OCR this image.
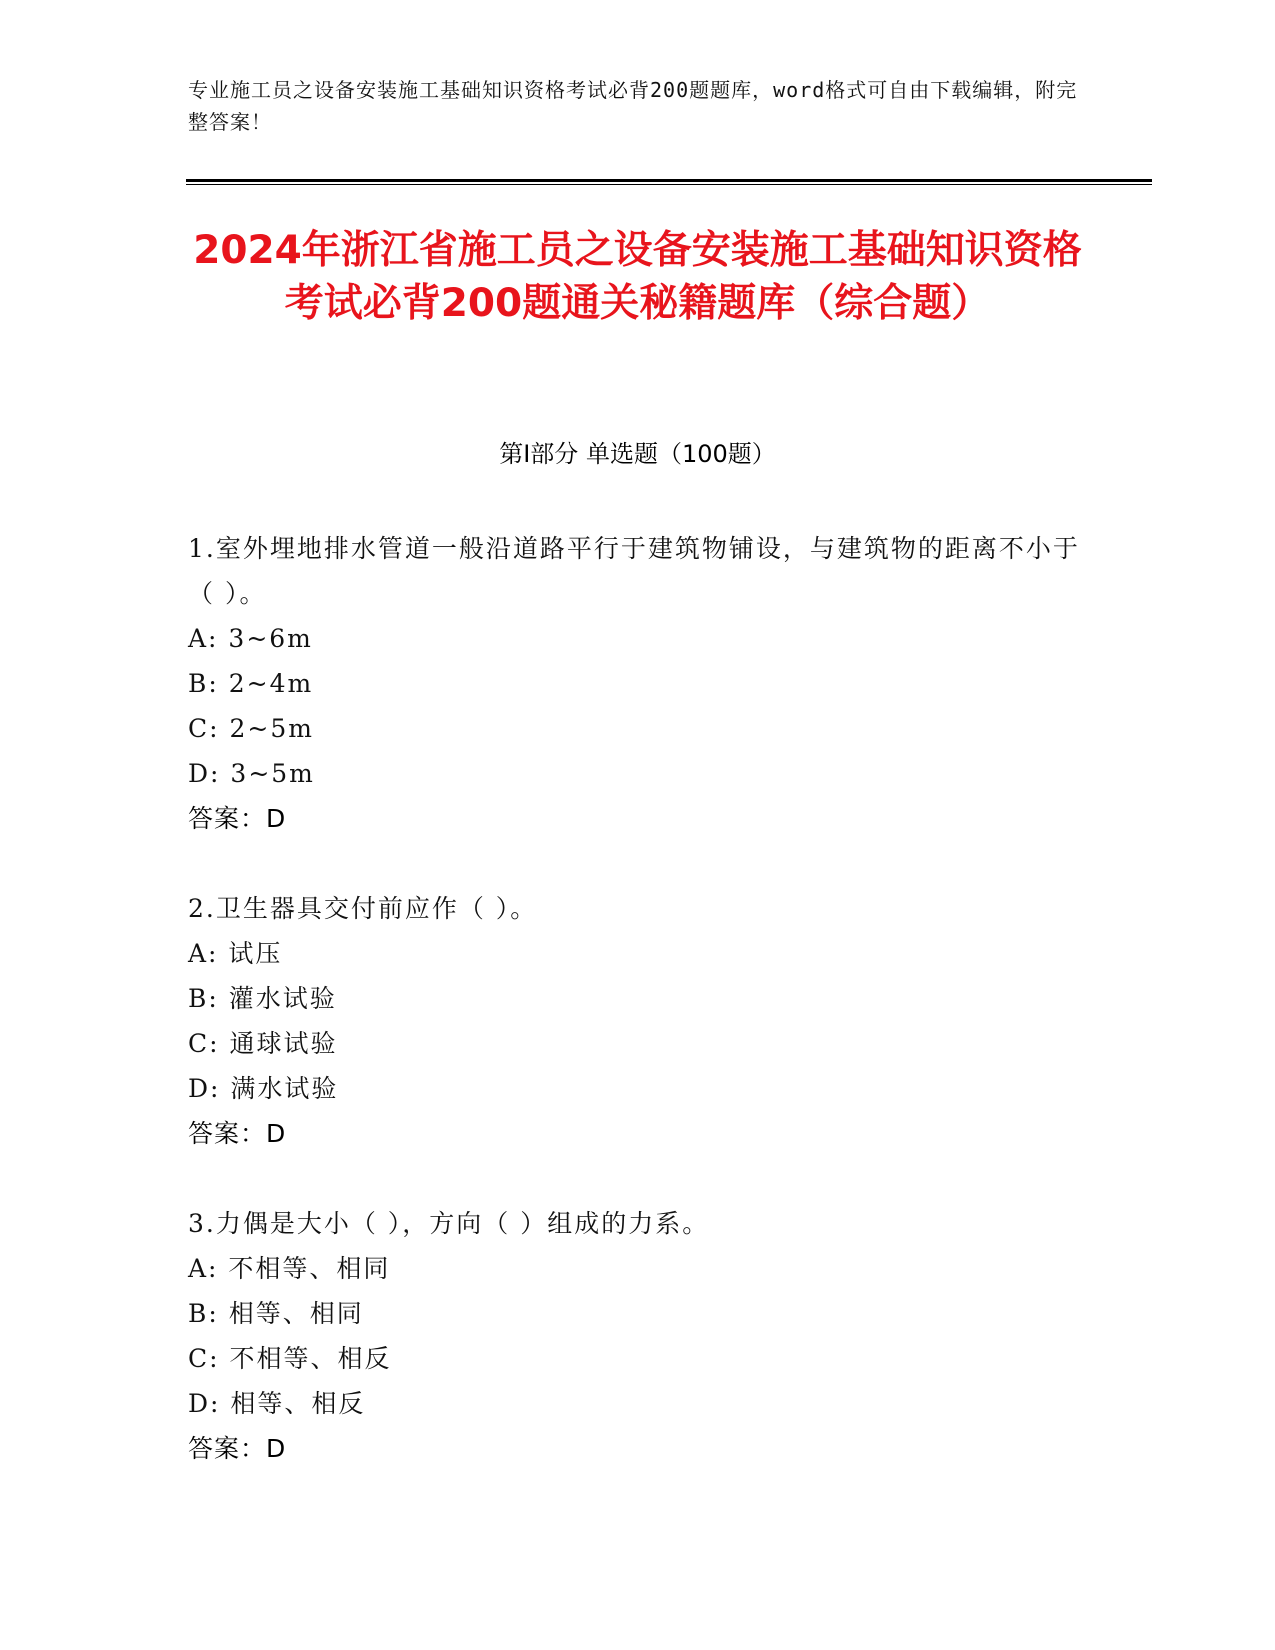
专业施工员之设备安装施工基础知识资格考试必背200题题库，word格式可自由下载编辑，附完整答案！
2024年浙江省施工员之设备安装施工基础知识资格考试必背200题通关秘籍题库（综合题）
第Ⅰ部分 单选题（100题）
1.室外埋地排水管道一般沿道路平行于建筑物铺设，与建筑物的距离不小于（ ）。
A: 3~6m
B: 2~4m
C: 2~5m
D: 3~5m
答案：D
2.卫生器具交付前应作（ ）。
A: 试压
B: 灌水试验
C: 通球试验
D: 满水试验
答案：D
3.力偶是大小（ ），方向（ ）组成的力系。
A: 不相等、相同
B: 相等、相同
C: 不相等、相反
D: 相等、相反
答案：D
